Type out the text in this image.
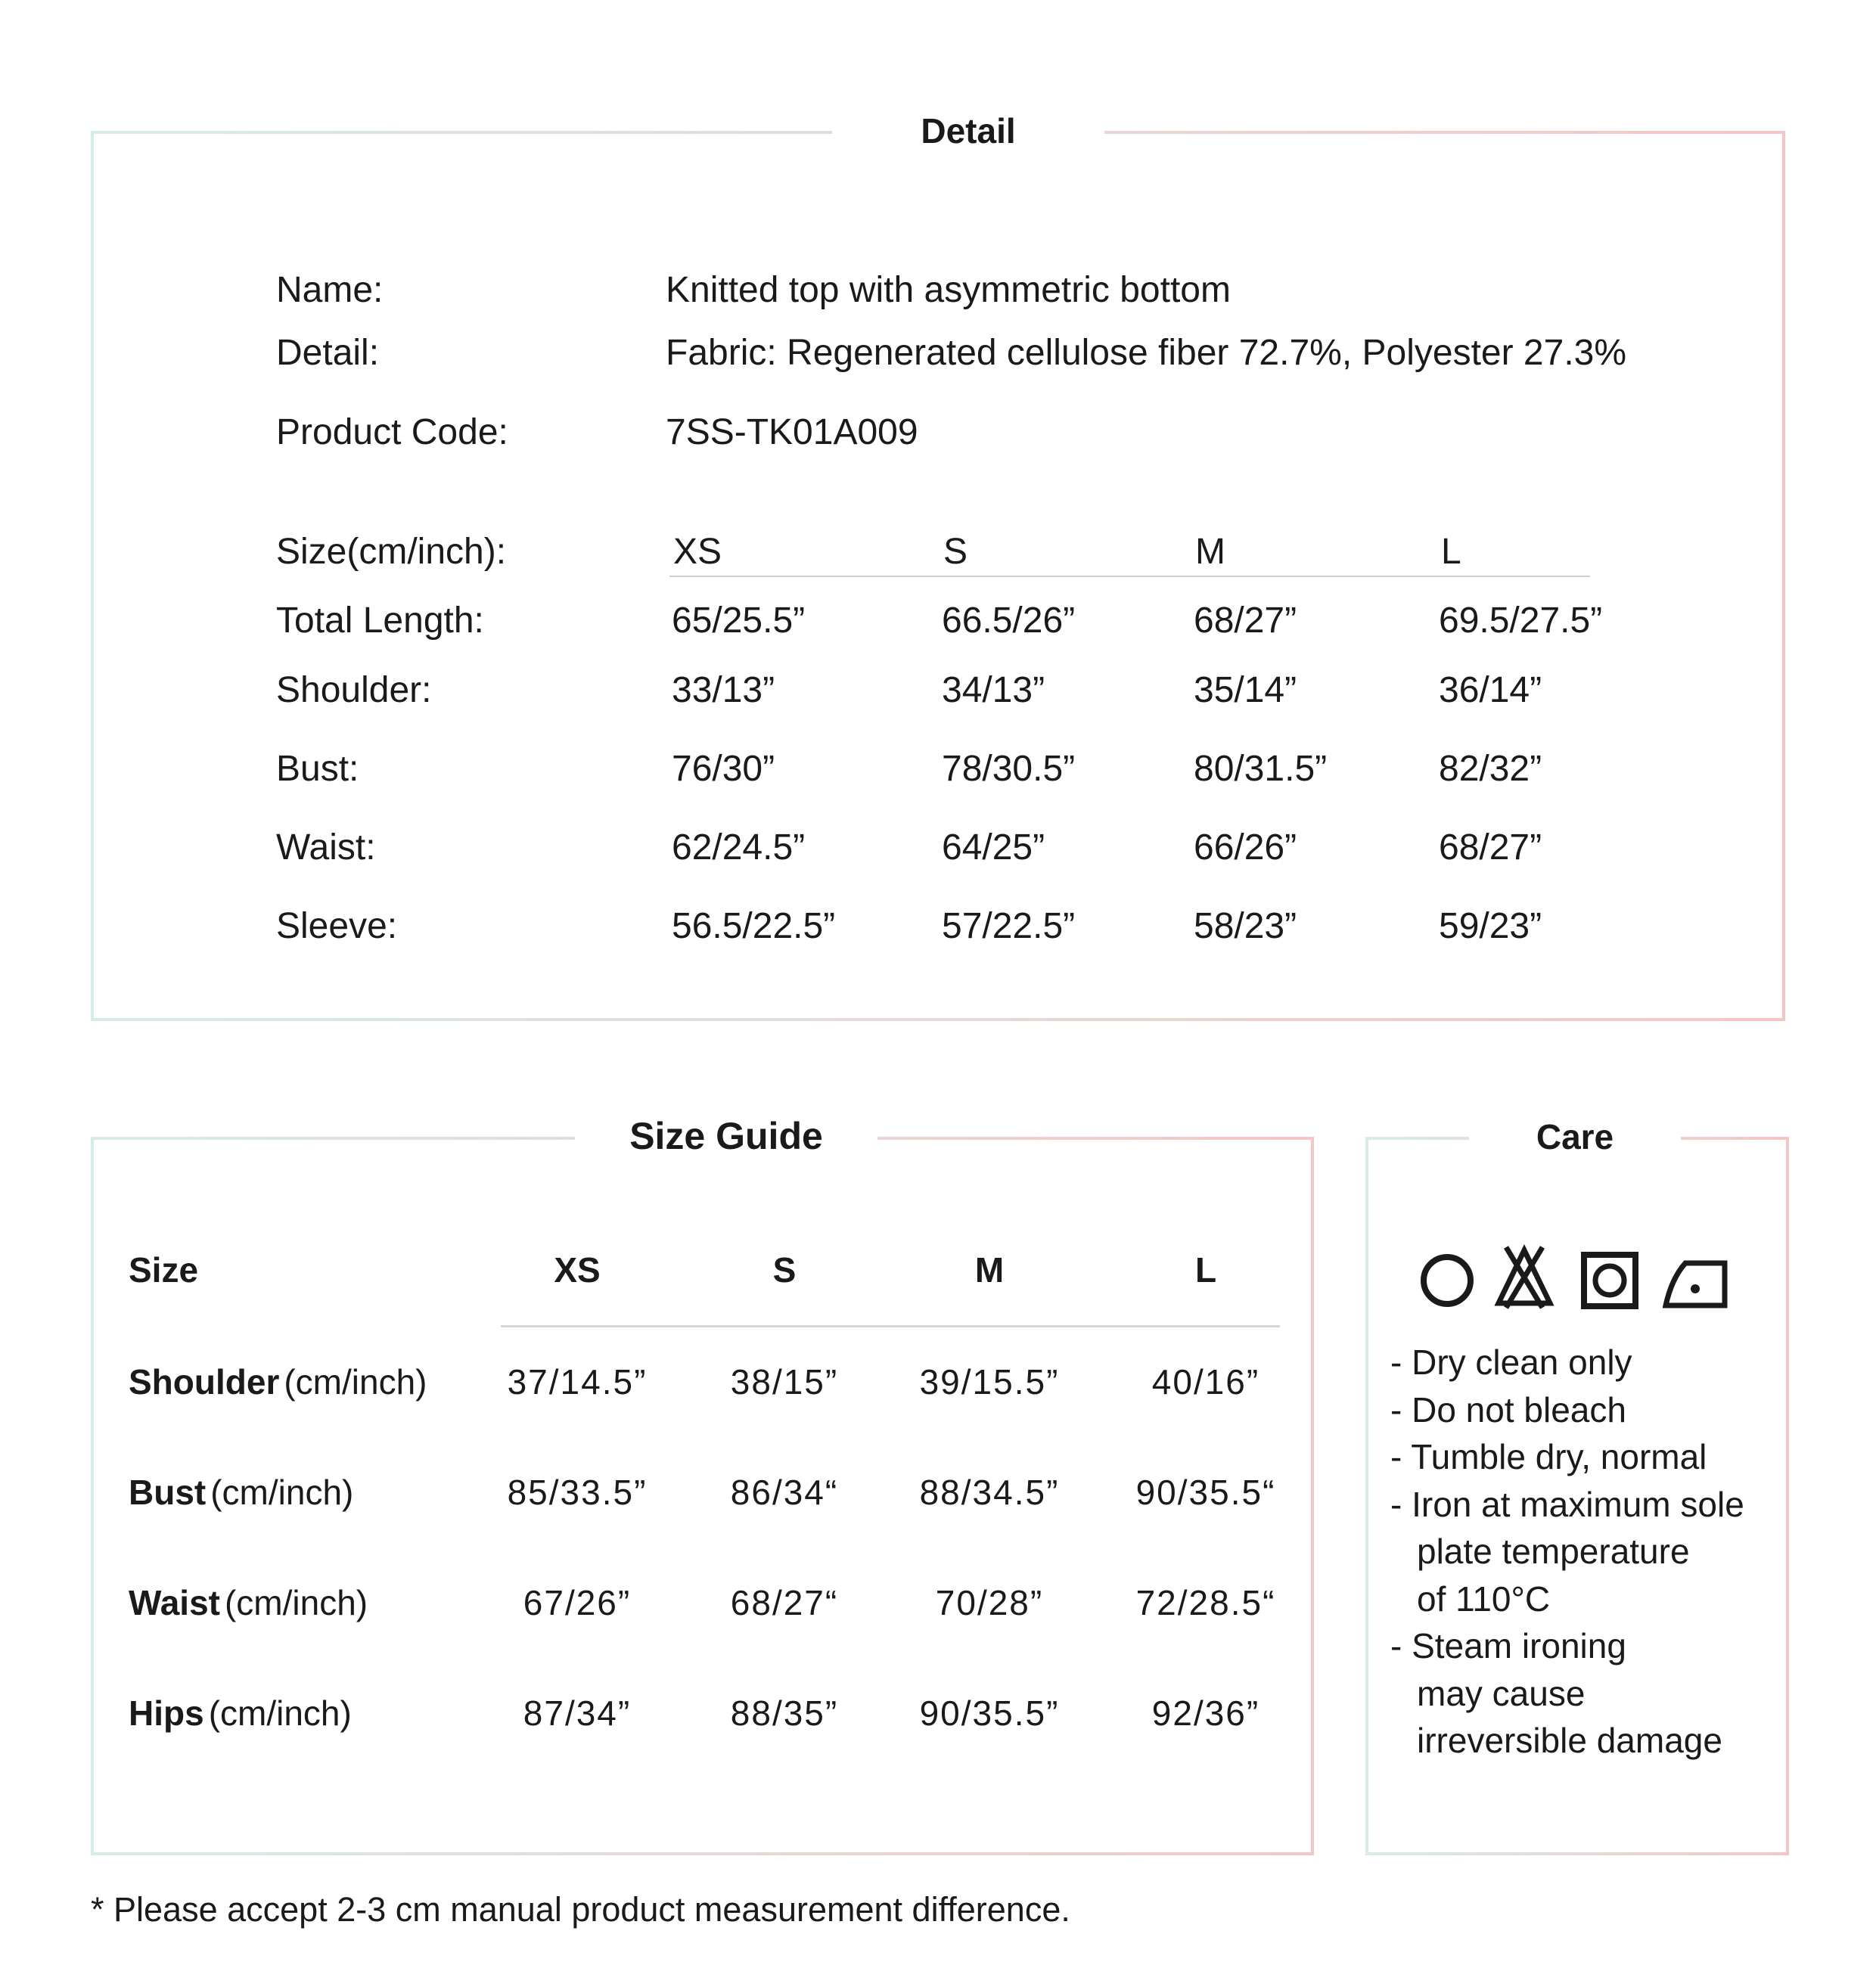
Detail
Name:	Knitted top with asymmetric bottom
Detail:	Fabric: Regenerated cellulose fiber 72.7%, Polyester 27.3%
Product Code:	7SS-TK01A009
Size(cm/inch):	XS	S	M	L
Total Length:	65/25.5”	66.5/26”	68/27”	69.5/27.5”
Shoulder:	33/13”	34/13”	35/14”	36/14”
Bust:	76/30”	78/30.5”	80/31.5”	82/32”
Waist:	62/24.5”	64/25”	66/26”	68/27”
Sleeve:	56.5/22.5”	57/22.5”	58/23”	59/23”
Size Guide
Size	XS	S	M	L
Shoulder (cm/inch) 37/14.5” 38/15” 39/15.5”	40/16”
Bust (cm/inch)	85/33.5” 86/34“ 88/34.5” 90/35.5“
Waist (cm/inch)	67/26”	68/27“	70/28”	72/28.5“
Hips (cm/inch)	87/34”	88/35” 90/35.5”	92/36”
Care
- Dry clean only
- Do not bleach
- Tumble dry, normal
- Iron at maximum sole
plate temperature
of 110°C
- Steam ironing
may cause
irreversible damage
* Please accept 2-3 cm manual product measurement difference.
